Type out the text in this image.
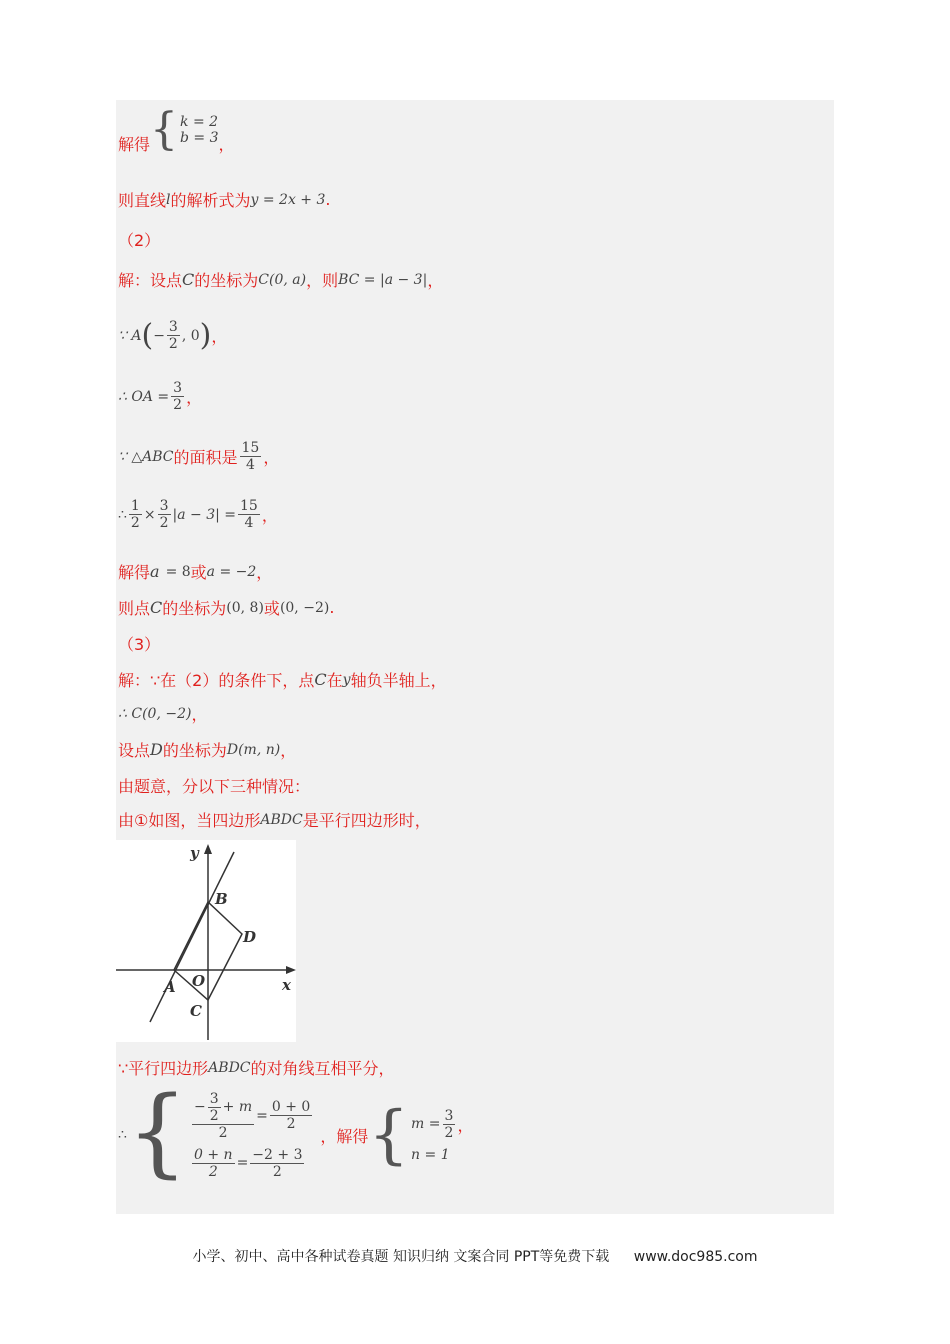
解得 { k = 2
b = 3 ，
则直线 l 的解析式为 y = 2x + 3 .
（2）
解：设点 C 的坐标为 C(0, a) ，则 BC = |a − 3| ，
∵ A ( − $\frac{3}{2}$ , 0 ) ，
∴ OA = $\frac{3}{2}$ ，
∵ △ABC 的面积是 $\frac{15}{4}$ ，
∴ $\frac{1}{2} \times \frac{3}{2} |a - 3| = \frac{15}{4}$ ，
解得 a = 8 或 a = −2 ，
则点 C 的坐标为 (0, 8) 或 (0, −2) .
（3）
解：∵在（2）的条件下，点 C 在 y 轴负半轴上，
∴ C(0, −2) ，
设点 D 的坐标为 D(m, n) ，
由题意，分以下三种情况：
由①如图，当四边形 ABDC 是平行四边形时，
y
x
B
D
A O
C
∵平行四边形 ABDC 的对角线互相平分，
∴ { − $\frac{3}{2} + m$
2
= $\frac{0 + 0}{2}$
$\frac{0 + n}{2} = \frac{-2 + 3}{2}$
，解得 { $m = \frac{3}{2}$ ，
n = 1
小学、初中、高中各种试卷真题 知识归纳 文案合同 PPT等免费下载 www.doc985.com
